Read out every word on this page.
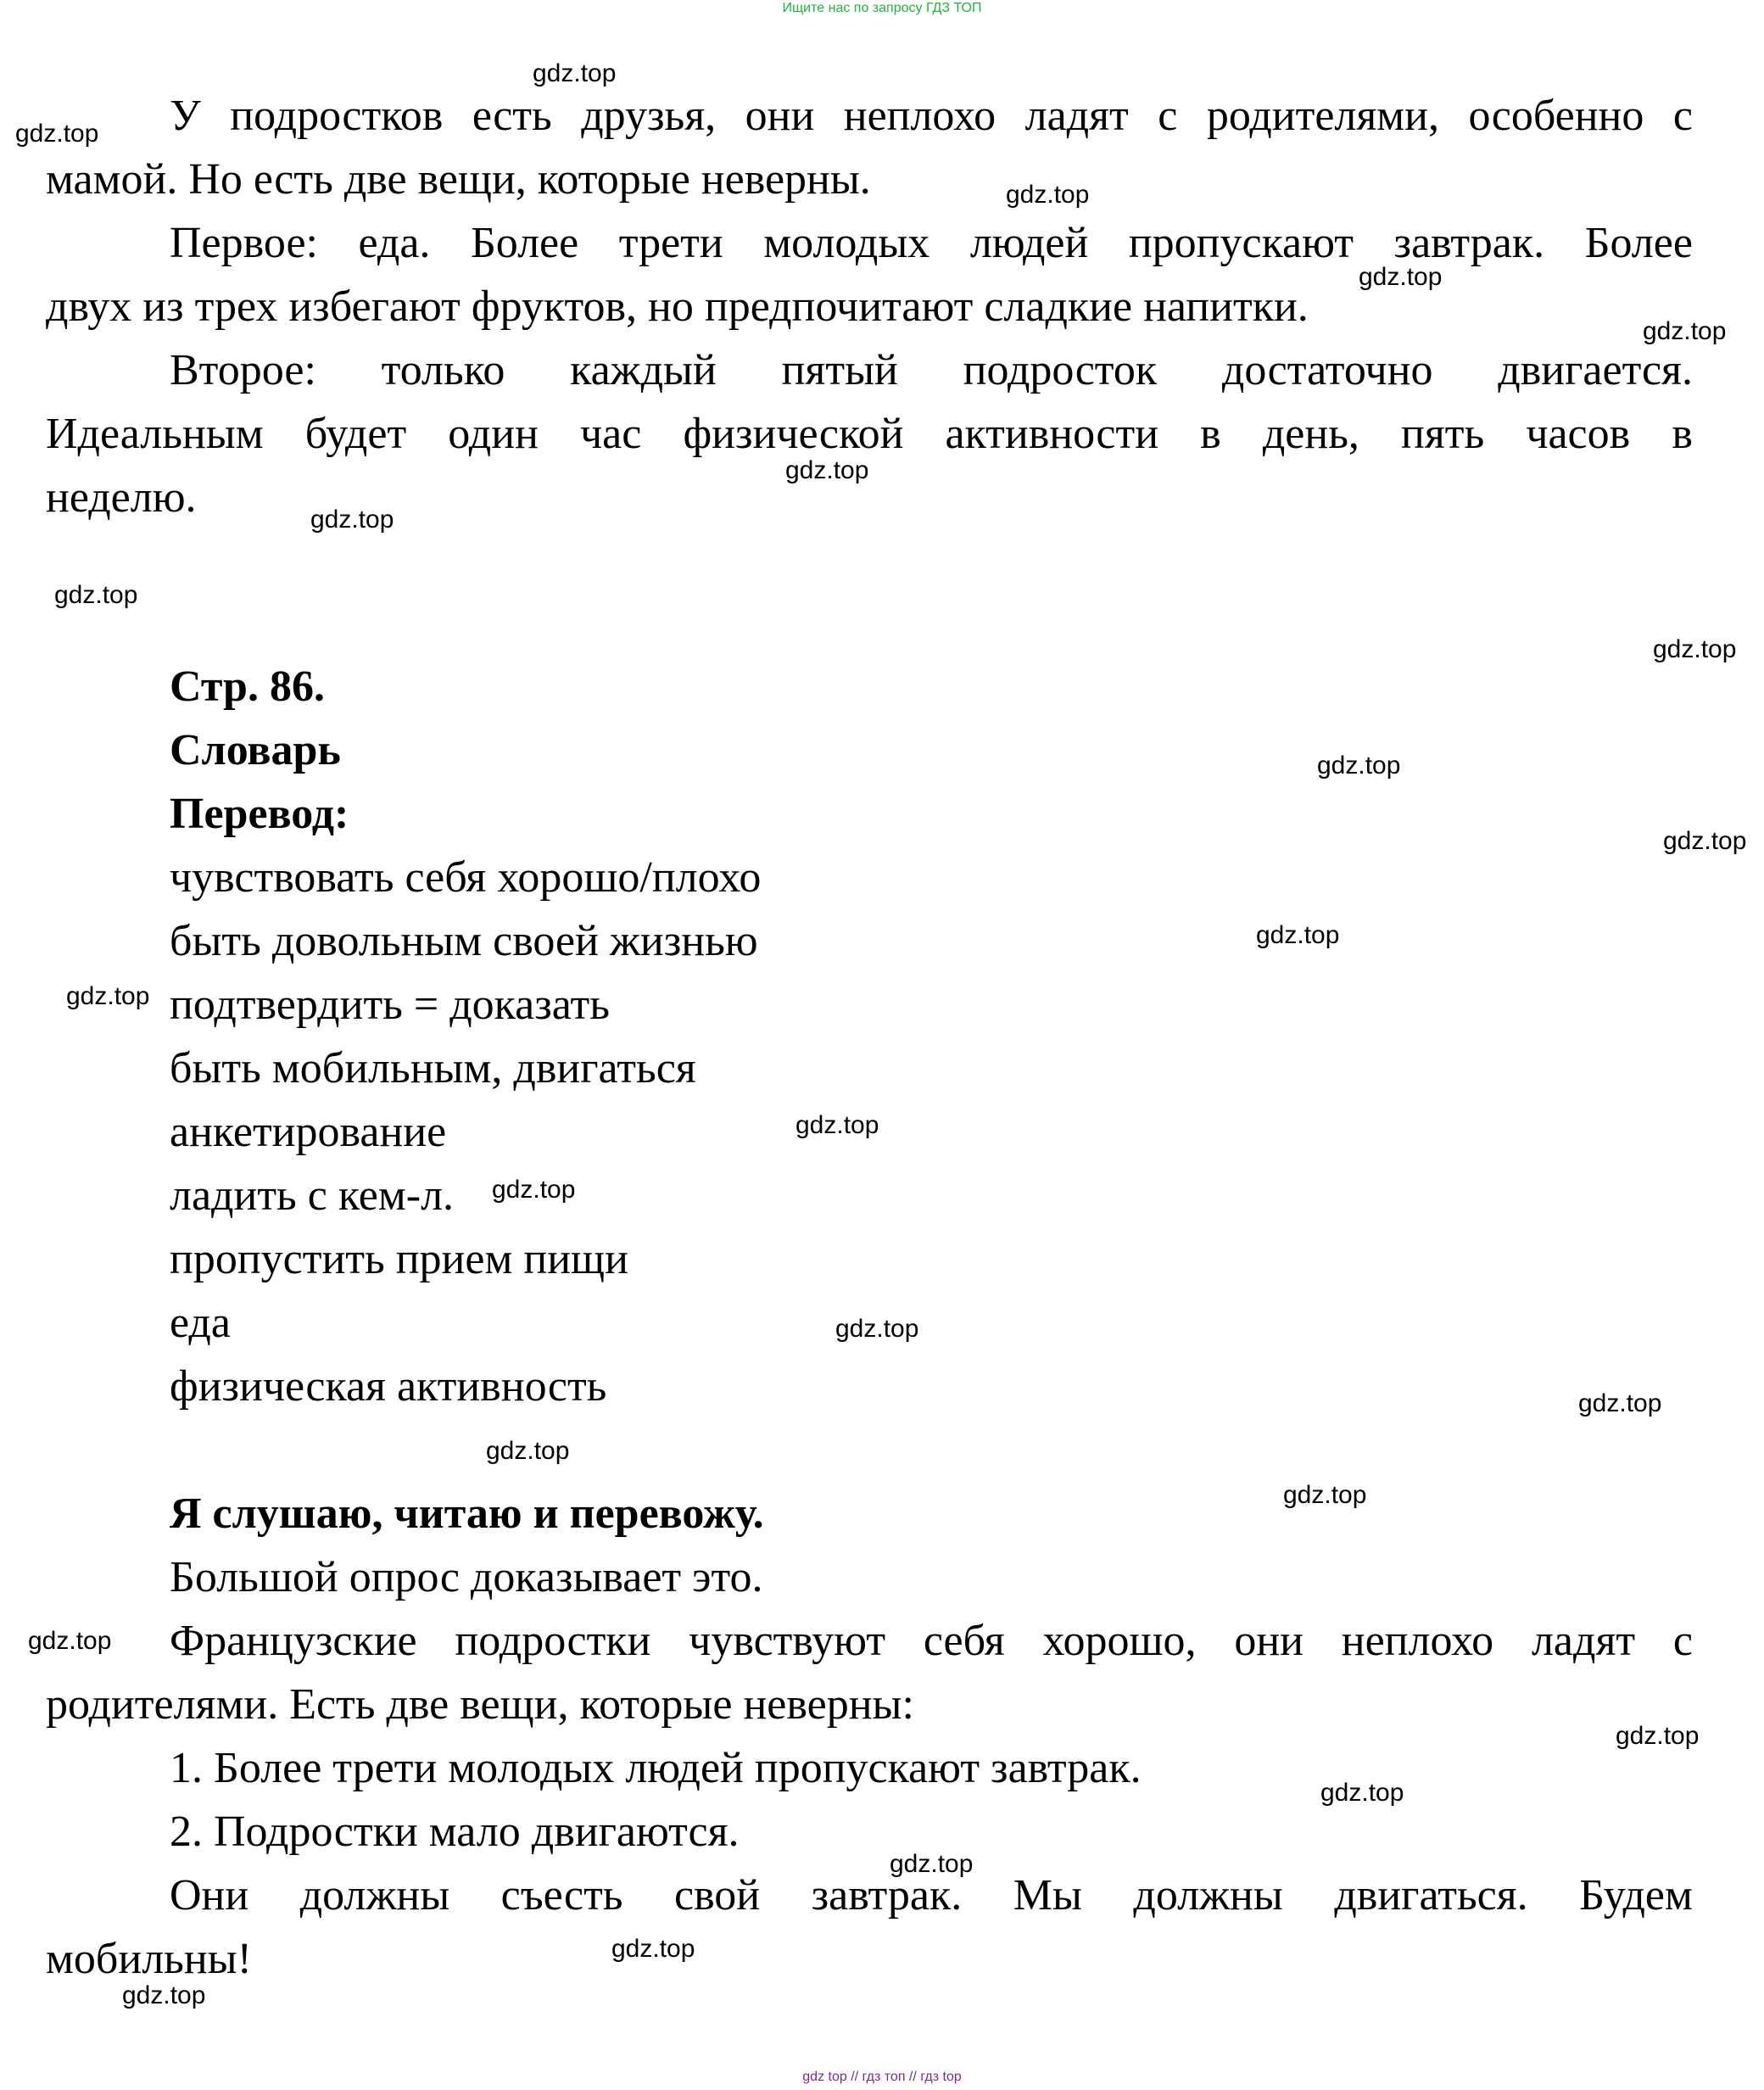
Ищите нас по запросу ГДЗ ТОП
У подростков есть друзья, они неплохо ладят с родителями, особенно с
мамой. Но есть две вещи, которые неверны.
Первое: еда. Более трети молодых людей пропускают завтрак. Более
двух из трех избегают фруктов, но предпочитают сладкие напитки.
Второе: только каждый пятый подросток достаточно двигается.
Идеальным будет один час физической активности в день, пять часов в
неделю.
Стр. 86.
Словарь
Перевод:
чувствовать себя хорошо/плохо
быть довольным своей жизнью
подтвердить = доказать
быть мобильным, двигаться
анкетирование
ладить с кем-л.
пропустить прием пищи
еда
физическая активность
Я слушаю, читаю и перевожу.
Большой опрос доказывает это.
Французские подростки чувствуют себя хорошо, они неплохо ладят с
родителями. Есть две вещи, которые неверны:
1. Более трети молодых людей пропускают завтрак.
2. Подростки мало двигаются.
Они должны съесть свой завтрак. Мы должны двигаться. Будем
мобильны!
gdz.top
gdz.top
gdz.top
gdz.top
gdz.top
gdz.top
gdz.top
gdz.top
gdz.top
gdz.top
gdz.top
gdz.top
gdz.top
gdz.top
gdz.top
gdz.top
gdz.top
gdz.top
gdz.top
gdz.top
gdz.top
gdz.top
gdz.top
gdz.top
gdz.top
gdz top // гдз топ // гдз top
